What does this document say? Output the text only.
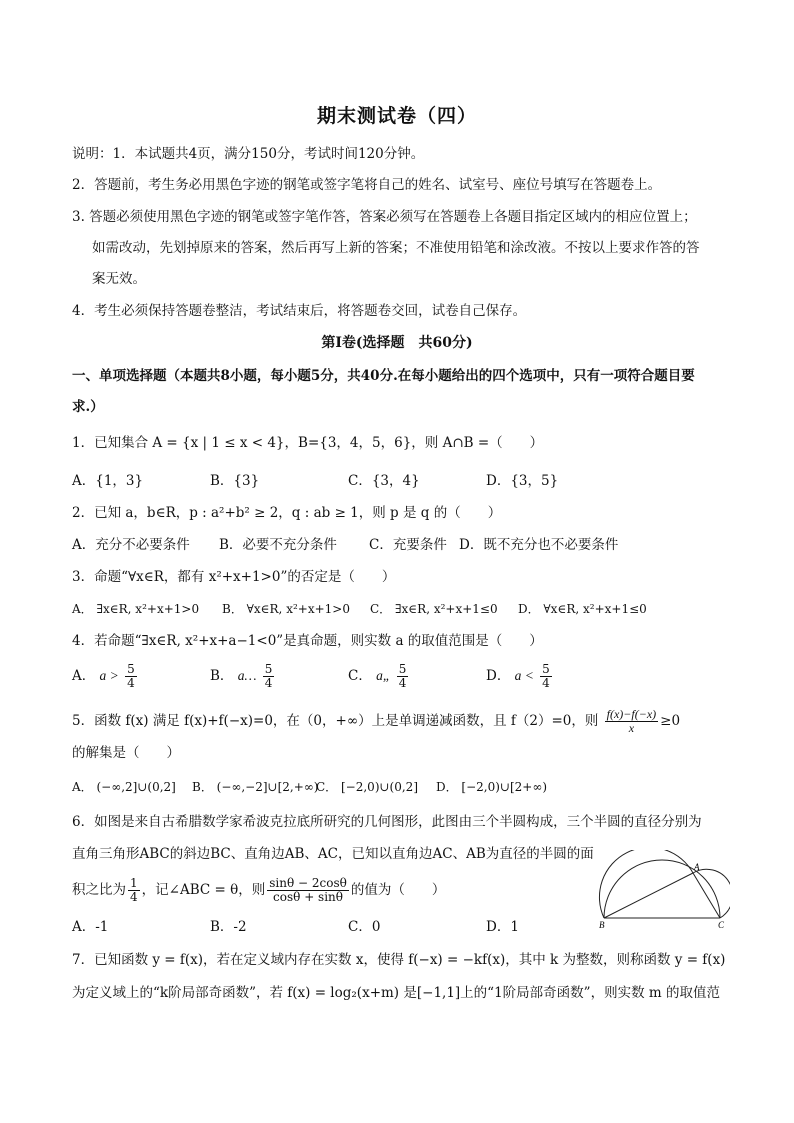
期末测试卷（四）
说明：1．本试题共4页，满分150分，考试时间120分钟。
2．答题前，考生务必用黑色字迹的钢笔或签字笔将自己的姓名、试室号、座位号填写在答题卷上。
3. 答题必须使用黑色字迹的钢笔或签字笔作答，答案必须写在答题卷上各题目指定区域内的相应位置上；
如需改动，先划掉原来的答案，然后再写上新的答案；不准使用铅笔和涂改液。不按以上要求作答的答
案无效。
4．考生必须保持答题卷整洁，考试结束后，将答题卷交回，试卷自己保存。
第Ⅰ卷(选择题　共60分)
一、单项选择题（本题共8小题，每小题5分，共40分.在每小题给出的四个选项中，只有一项符合题目要
求.）
1．已知集合 A = {x | 1 ≤ x < 4}，B={3，4，5，6}，则 A∩B =（　　）
A．{1，3}	B．{3}	C．{3，4}	D．{3，5}
2．已知 a，b∈R，p : a²+b² ≥ 2，q : ab ≥ 1，则 p 是 q 的（　　）
A．充分不必要条件 B．必要不充分条件 C．充要条件 D．既不充分也不必要条件
3．命题“∀x∈R，都有 x²+x+1>0”的否定是（　　）
A． ∃x∈R, x²+x+1>0 B． ∀x∈R, x²+x+1>0 C． ∃x∈R, x²+x+1≤0 D． ∀x∈R, x²+x+1≤0
4．若命题“∃x∈R, x²+x+a−1<0”是真命题，则实数 a 的取值范围是（　　）
A． $a > \frac{5}{4}$	B． a… $\frac{5}{4}$	C． a„ $\frac{5}{4}$	D． $a < \frac{5}{4}$
5．函数 f(x) 满足 f(x)+f(−x)=0，在（0，+∞）上是单调递减函数，且 f（2）=0，则 $\frac{f(x)-f(-x)}{x} \ge 0$
的解集是（　　）
A． (−∞,2]∪(0,2] B． (−∞,−2]∪[2,+∞)
C． [−2,0)∪(0,2] D． [−2,0)∪[2+∞)
6．如图是来自古希腊数学家希波克拉底所研究的几何图形，此图由三个半圆构成，三个半圆的直径分别为
直角三角形ABC的斜边BC、直角边AB、AC，已知以直角边AC、AB为直径的半圆的面
积之比为 $\frac{1}{4}$ ，记∠ABC = θ，则 $\frac{\sin\theta - 2\cos\theta}{\cos\theta + \sin\theta}$ 的值为（　　）
A．-1	B．-2	C．0	D．1
A
B	C
7．已知函数 y = f(x)，若在定义域内存在实数 x，使得 f(−x) = −kf(x)，其中 k 为整数，则称函数 y = f(x)
为定义域上的“k阶局部奇函数”，若 f(x) = log₂(x+m) 是[−1,1]上的“1阶局部奇函数”，则实数 m 的取值范
